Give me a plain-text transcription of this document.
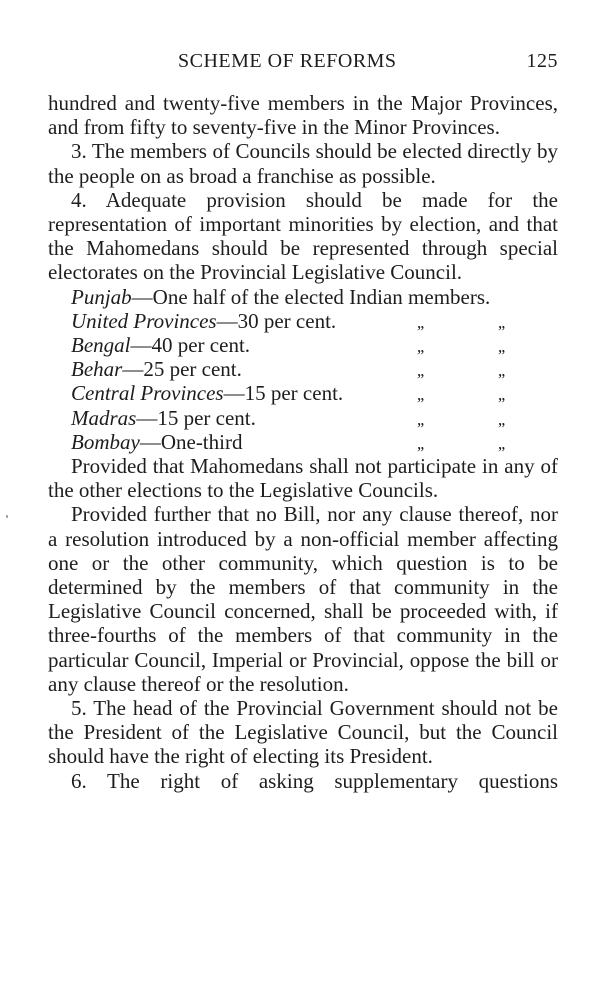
SCHEME OF REFORMS	125

hundred and twenty-five members in the Major Provinces, and from fifty to seventy-five in the Minor Provinces.

3. The members of Councils should be elected directly by the people on as broad a franchise as possible.

4. Adequate provision should be made for the representation of important minorities by election, and that the Mahomedans should be represented through special electorates on the Provincial Legislative Council.

Punjab—One half of the elected Indian members.
United Provinces—30 per cent.	,,	,,
Bengal—40 per cent.	,,	,,
Behar—25 per cent.	,,	,,
Central Provinces—15 per cent.	,,	,,
Madras—15 per cent.	,,	,,
Bombay—One-third	,,	,,

Provided that Mahomedans shall not participate in any of the other elections to the Legislative Councils.

Provided further that no Bill, nor any clause thereof, nor a resolution introduced by a non-official member affecting one or the other community, which question is to be determined by the members of that community in the Legislative Council concerned, shall be proceeded with, if three-fourths of the members of that community in the particular Council, Imperial or Provincial, oppose the bill or any clause thereof or the resolution.

5. The head of the Provincial Government should not be the President of the Legislative Council, but the Council should have the right of electing its President.

6. The right of asking supplementary questions
